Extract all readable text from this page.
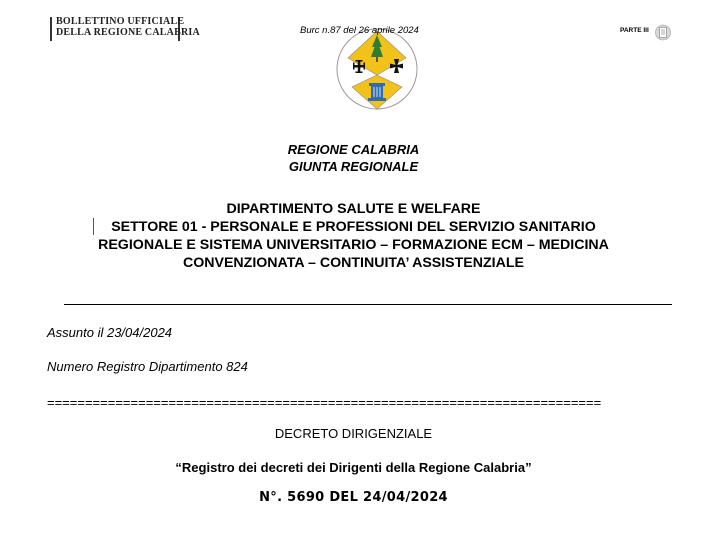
BOLLETTINO UFFICIALE
DELLA REGIONE CALABRIA	Burc n.87 del 26 aprile 2024	PARTE III
REGIONE CALABRIA
GIUNTA REGIONALE
DIPARTIMENTO SALUTE E WELFARE
SETTORE 01 - PERSONALE E PROFESSIONI DEL SERVIZIO SANITARIO
REGIONALE E SISTEMA UNIVERSITARIO – FORMAZIONE ECM – MEDICINA
CONVENZIONATA – CONTINUITA’ ASSISTENZIALE
Assunto il 23/04/2024
Numero Registro Dipartimento 824
=========================================================================
DECRETO DIRIGENZIALE
“Registro dei decreti dei Dirigenti della Regione Calabria”
N°. 5690 DEL 24/04/2024
